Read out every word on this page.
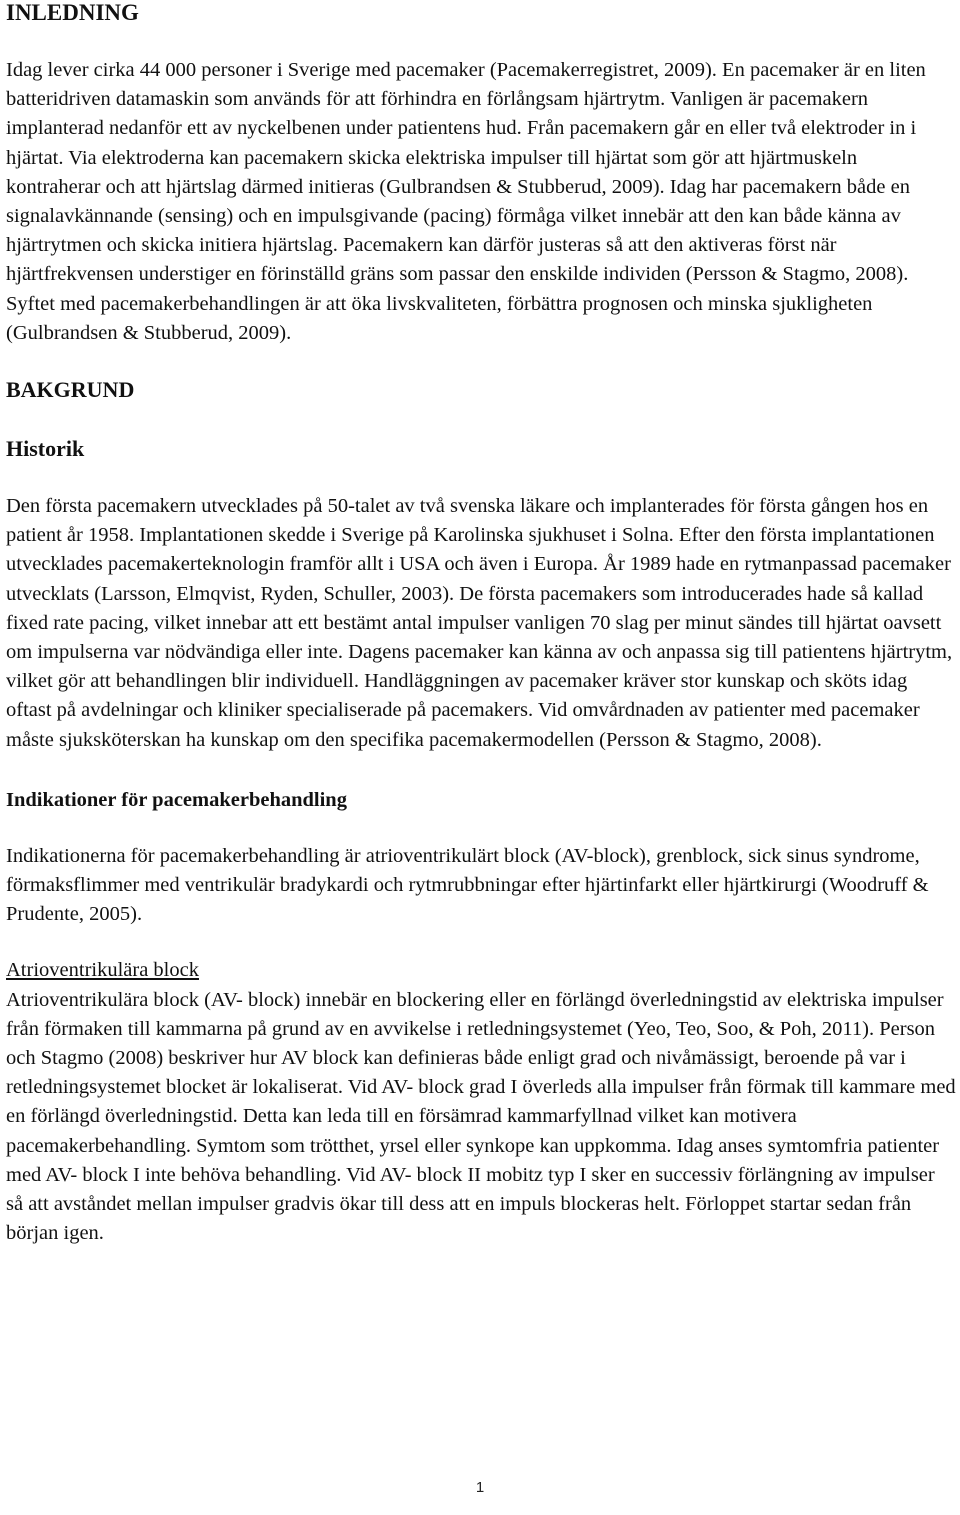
INLEDNING

Idag lever cirka 44 000 personer i Sverige med pacemaker (Pacemakerregistret, 2009). En pacemaker är en liten batteridriven datamaskin som används för att förhindra en förlångsam hjärtrytm. Vanligen är pacemakern implanterad nedanför ett av nyckelbenen under patientens hud. Från pacemakern går en eller två elektroder in i hjärtat. Via elektroderna kan pacemakern skicka elektriska impulser till hjärtat som gör att hjärtmuskeln kontraherar och att hjärtslag därmed initieras (Gulbrandsen & Stubberud, 2009). Idag har pacemakern både en signalavkännande (sensing) och en impulsgivande (pacing) förmåga vilket innebär att den kan både känna av hjärtrytmen och skicka initiera hjärtslag. Pacemakern kan därför justeras så att den aktiveras först när hjärtfrekvensen understiger en förinställd gräns som passar den enskilde individen (Persson & Stagmo, 2008). Syftet med pacemakerbehandlingen är att öka livskvaliteten, förbättra prognosen och minska sjukligheten (Gulbrandsen & Stubberud, 2009).

BAKGRUND
Historik

Den första pacemakern utvecklades på 50-talet av två svenska läkare och implanterades för första gången hos en patient år 1958. Implantationen skedde i Sverige på Karolinska sjukhuset i Solna. Efter den första implantationen utvecklades pacemakerteknologin framför allt i USA och även i Europa. År 1989 hade en rytmanpassad pacemaker utvecklats (Larsson, Elmqvist, Ryden, Schuller, 2003). De första pacemakers som introducerades hade så kallad fixed rate pacing, vilket innebar att ett bestämt antal impulser vanligen 70 slag per minut sändes till hjärtat oavsett om impulserna var nödvändiga eller inte. Dagens pacemaker kan känna av och anpassa sig till patientens hjärtrytm, vilket gör att behandlingen blir individuell. Handläggningen av pacemaker kräver stor kunskap och sköts idag oftast på avdelningar och kliniker specialiserade på pacemakers. Vid omvårdnaden av patienter med pacemaker måste sjuksköterskan ha kunskap om den specifika pacemakermodellen (Persson & Stagmo, 2008).

Indikationer för pacemakerbehandling

Indikationerna för pacemakerbehandling är atrioventrikulärt block (AV-block), grenblock, sick sinus syndrome, förmaksflimmer med ventrikulär bradykardi och rytmrubbningar efter hjärtinfarkt eller hjärtkirurgi (Woodruff & Prudente, 2005).

Atrioventrikulära block

Atrioventrikulära block (AV- block) innebär en blockering eller en förlängd överledningstid av elektriska impulser från förmaken till kammarna på grund av en avvikelse i retledningsystemet (Yeo, Teo, Soo, & Poh, 2011). Person och Stagmo (2008) beskriver hur AV block kan definieras både enligt grad och nivåmässigt, beroende på var i retledningsystemet blocket är lokaliserat. Vid AV- block grad I överleds alla impulser från förmak till kammare med en förlängd överledningstid. Detta kan leda till en försämrad kammarfyllnad vilket kan motivera pacemakerbehandling. Symtom som trötthet, yrsel eller synkope kan uppkomma. Idag anses symtomfria patienter med AV- block I inte behöva behandling. Vid AV- block II mobitz typ I sker en successiv förlängning av impulser så att avståndet mellan impulser gradvis ökar till dess att en impuls blockeras helt. Förloppet startar sedan från början igen.

1
